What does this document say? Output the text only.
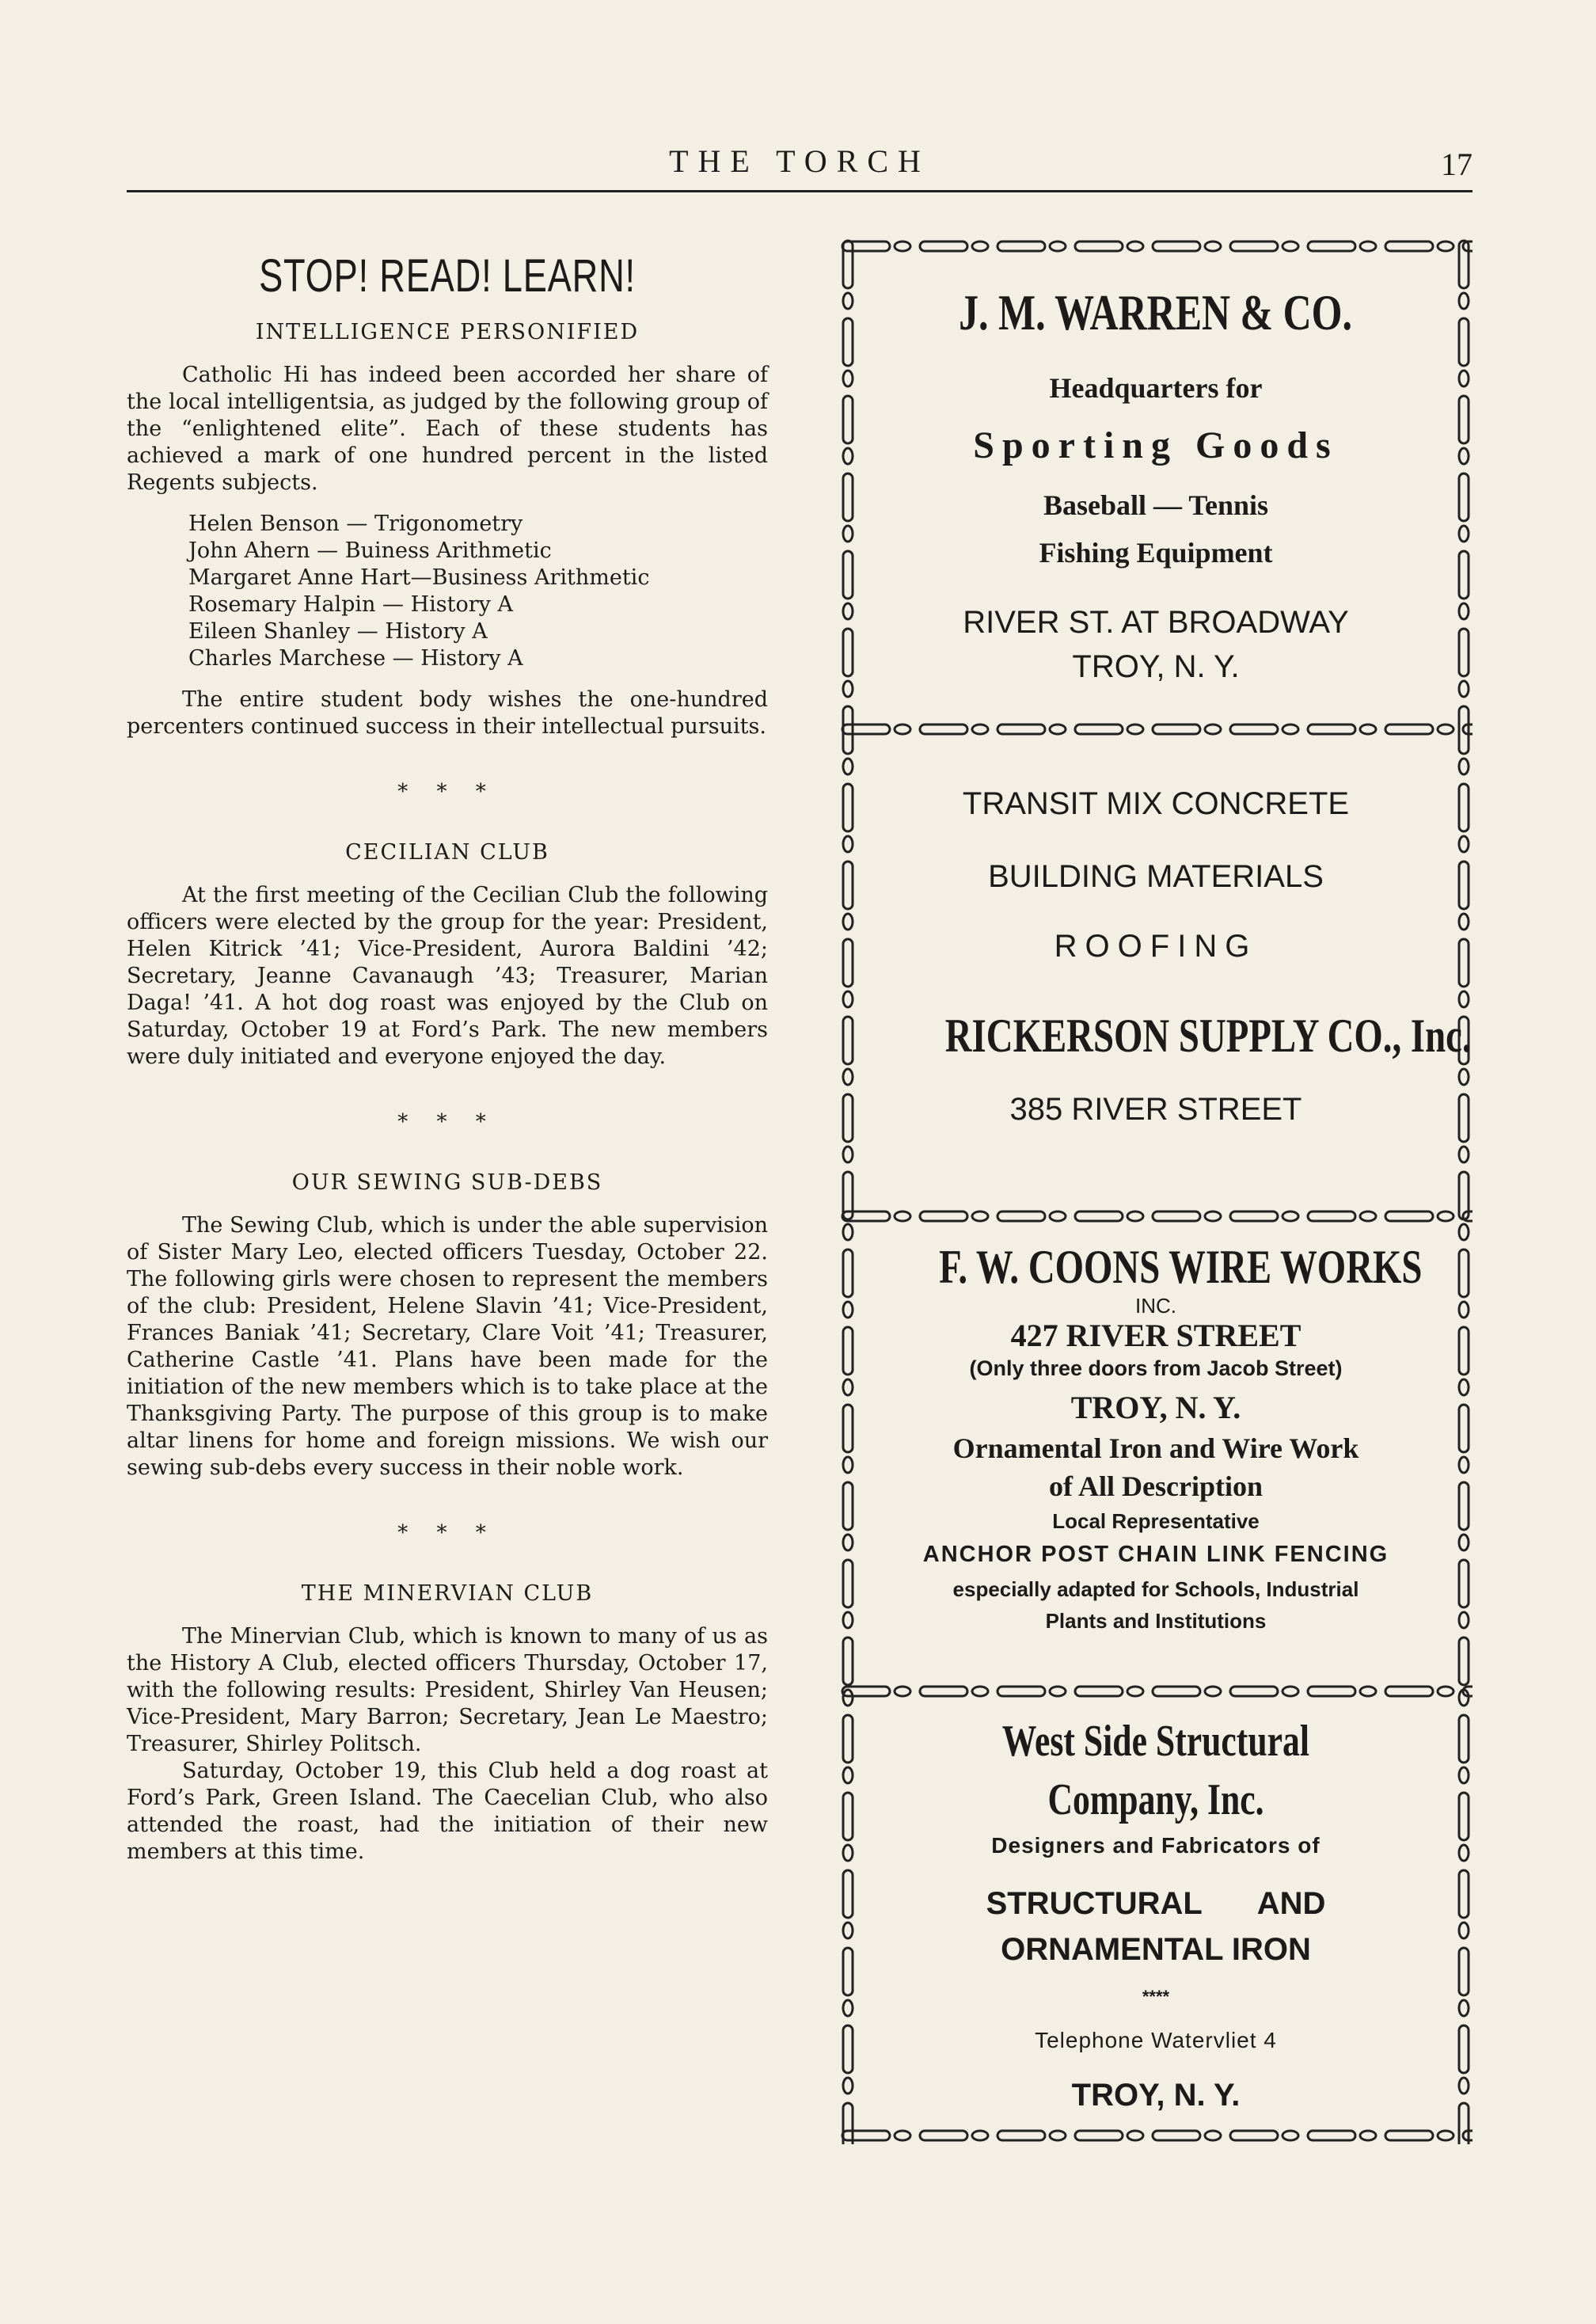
THE TORCH	17
STOP! READ! LEARN!
INTELLIGENCE PERSONIFIED

Catholic Hi has indeed been accorded her share of the local intelligentsia, as judged by the following group of the “enlightened elite”. Each of these students has achieved a mark of one hundred percent in the listed Regents subjects.

Helen Benson — Trigonometry
John Ahern — Buiness Arithmetic
Margaret Anne Hart—Business Arithmetic
Rosemary Halpin — History A
Eileen Shanley — History A
Charles Marchese — History A

The entire student body wishes the one-hundred percenters continued success in their intellectual pursuits.

* * *
CECILIAN CLUB

At the first meeting of the Cecilian Club the following officers were elected by the group for the year: President, Helen Kitrick ’41; Vice-President, Aurora Baldini ’42; Secretary, Jeanne Cavanaugh ’43; Treasurer, Marian Daga! ’41. A hot dog roast was enjoyed by the Club on Saturday, October 19 at Ford’s Park. The new members were duly initiated and everyone enjoyed the day.

* * *
OUR SEWING SUB-DEBS

The Sewing Club, which is under the able supervision of Sister Mary Leo, elected officers Tuesday, October 22. The following girls were chosen to represent the members of the club: President, Helene Slavin ’41; Vice-President, Frances Baniak ’41; Secretary, Clare Voit ’41; Treasurer, Catherine Castle ’41. Plans have been made for the initiation of the new members which is to take place at the Thanksgiving Party. The purpose of this group is to make altar linens for home and foreign missions. We wish our sewing sub-debs every success in their noble work.

* * *
THE MINERVIAN CLUB

The Minervian Club, which is known to many of us as the History A Club, elected officers Thursday, October 17, with the following results: President, Shirley Van Heusen; Vice-President, Mary Barron; Secretary, Jean Le Maestro; Treasurer, Shirley Politsch.

Saturday, October 19, this Club held a dog roast at Ford’s Park, Green Island. The Caecelian Club, who also attended the roast, had the initiation of their new members at this time.

J. M. WARREN & CO.
Headquarters for
Sporting Goods
Baseball — Tennis
Fishing Equipment
RIVER ST. AT BROADWAY
TROY, N. Y.
TRANSIT MIX CONCRETE
BUILDING MATERIALS
ROOFING
RICKERSON SUPPLY CO., Inc.
385 RIVER STREET
F. W. COONS WIRE WORKS
INC.
427 RIVER STREET
(Only three doors from Jacob Street)
TROY, N. Y.
Ornamental Iron and Wire Work
of All Description
Local Representative
ANCHOR POST CHAIN LINK FENCING
especially adapted for Schools, Industrial
Plants and Institutions
West Side Structural
Company, Inc.
Designers and Fabricators of
STRUCTURAL AND
ORNAMENTAL IRON
****
Telephone Watervliet 4
TROY, N. Y.
